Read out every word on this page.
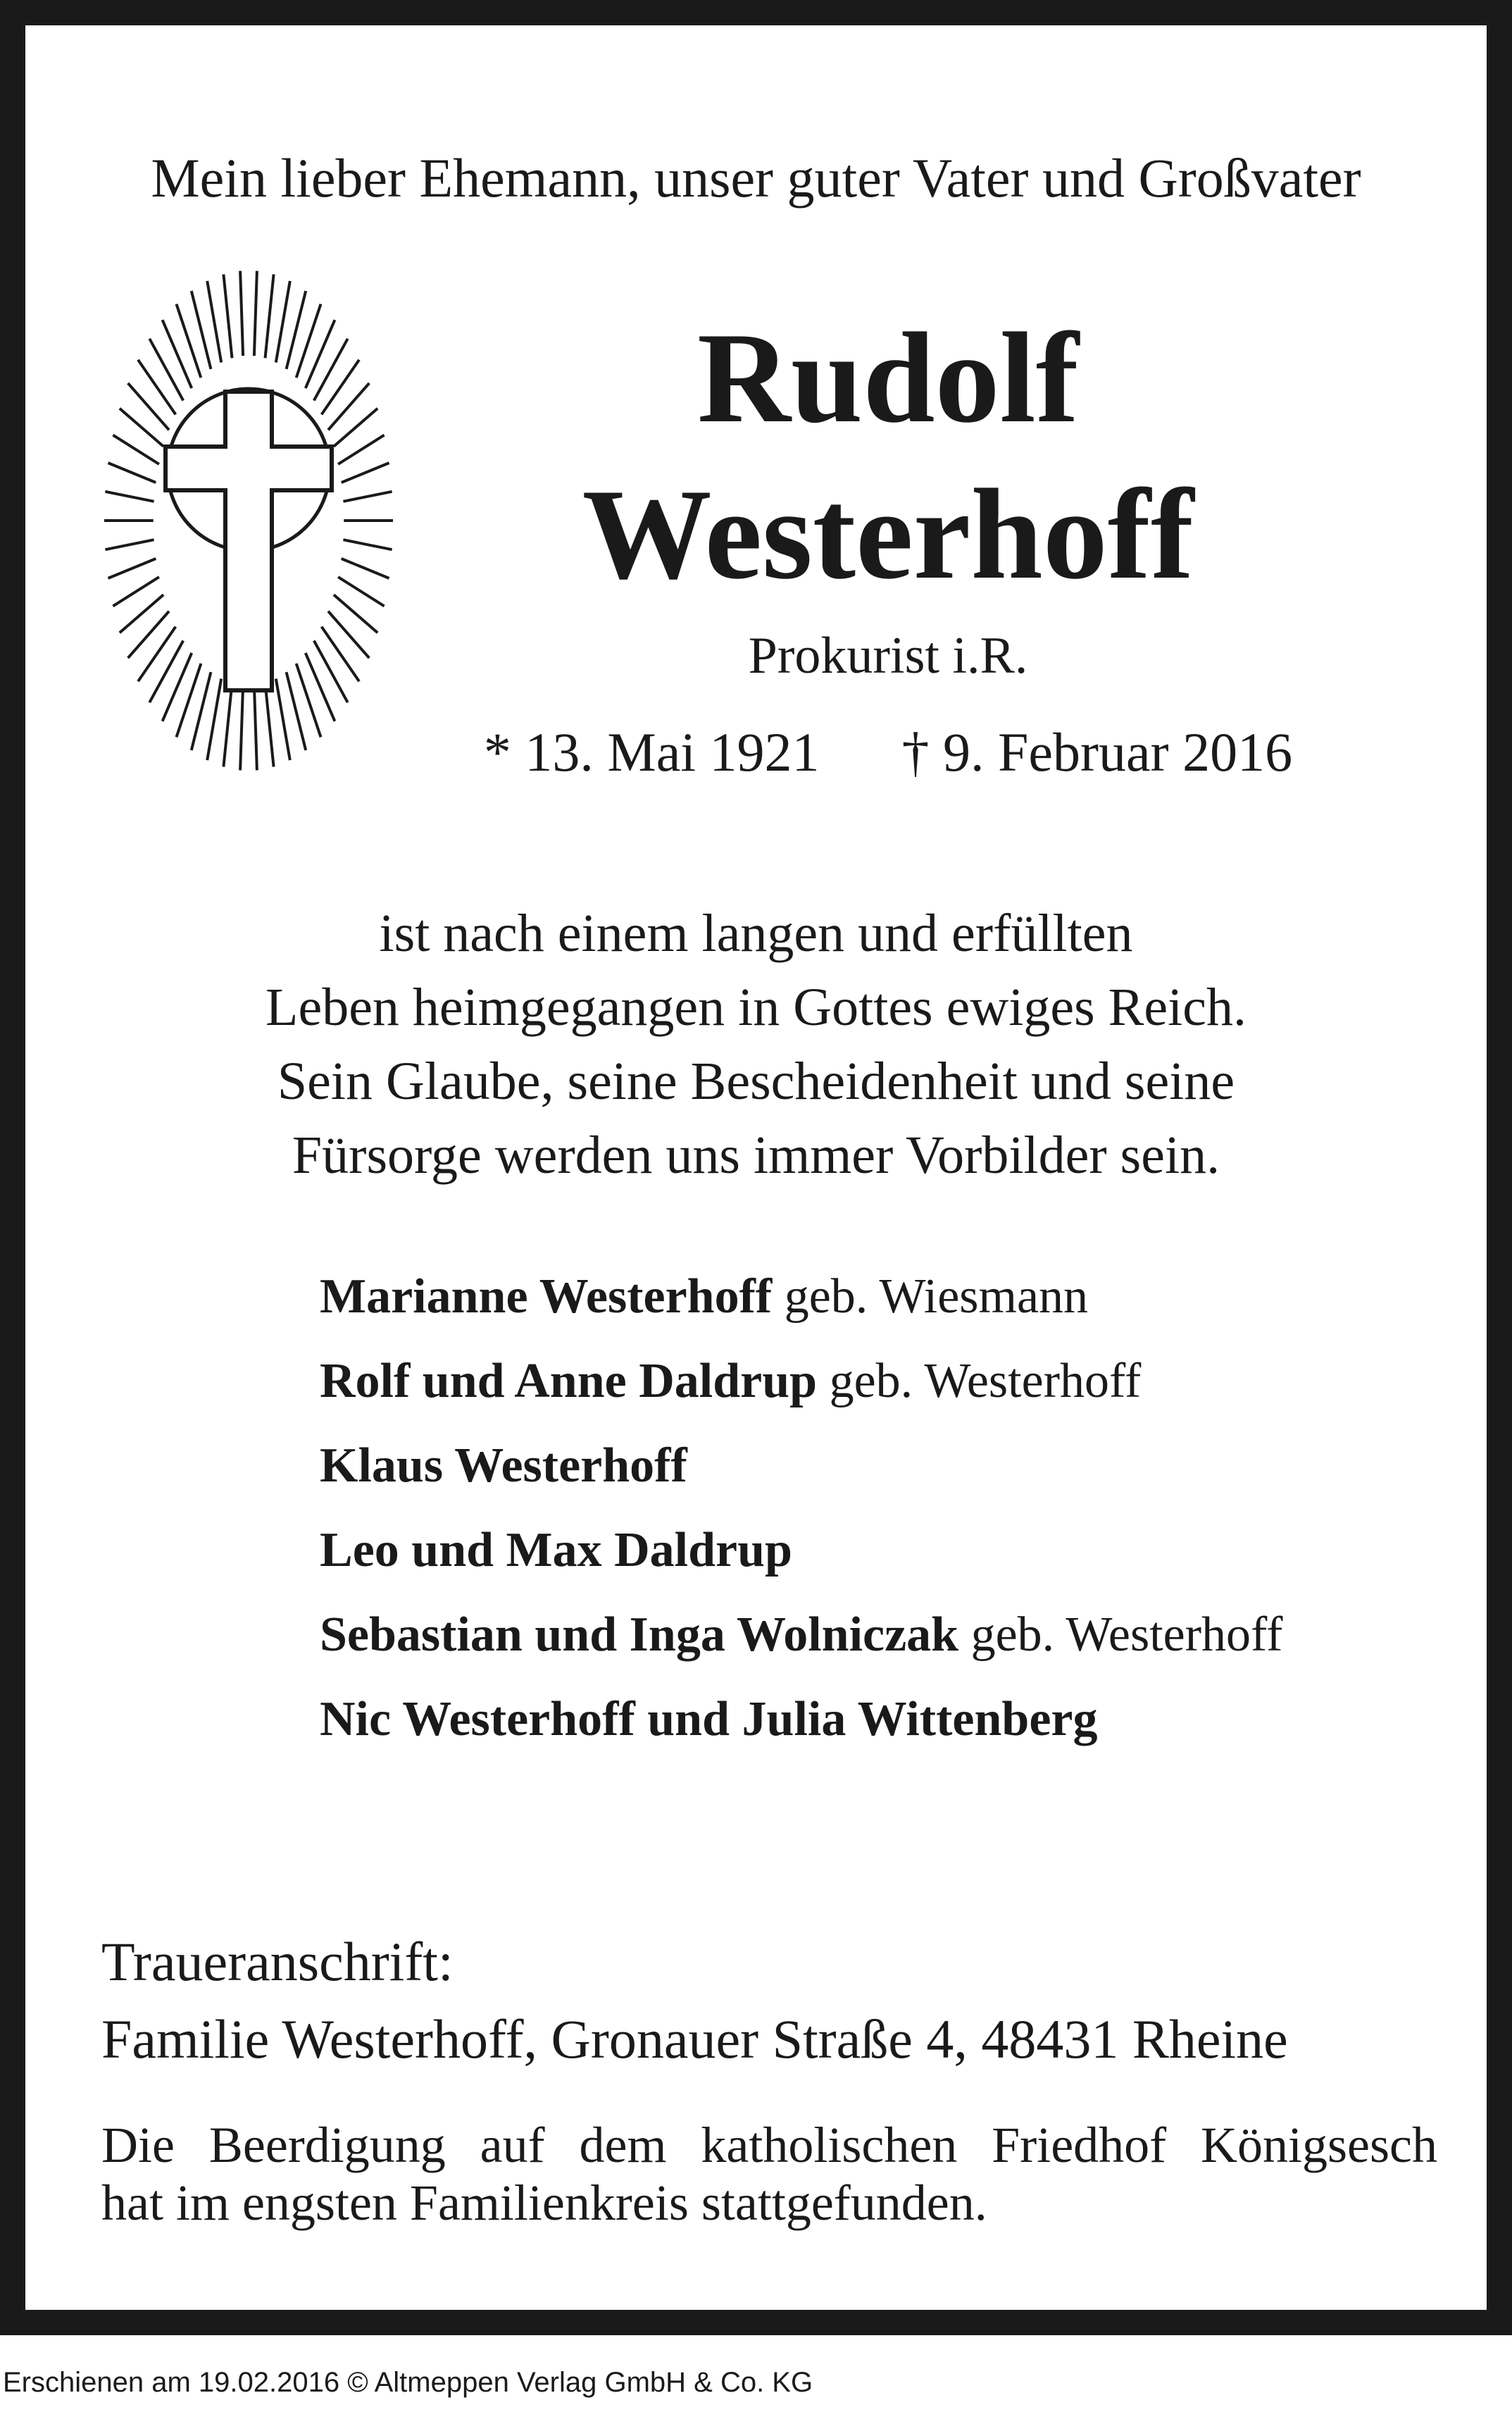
Mein lieber Ehemann, unser guter Vater und Großvater
Rudolf
Westerhoff
Prokurist i.R.
* 13. Mai 1921 † 9. Februar 2016
ist nach einem langen und erfüllten
Leben heimgegangen in Gottes ewiges Reich.
Sein Glaube, seine Bescheidenheit und seine
Fürsorge werden uns immer Vorbilder sein.
Marianne Westerhoff geb. Wiesmann
Rolf und Anne Daldrup geb. Westerhoff
Klaus Westerhoff
Leo und Max Daldrup
Sebastian und Inga Wolniczak geb. Westerhoff
Nic Westerhoff und Julia Wittenberg
Traueranschrift:
Familie Westerhoff, Gronauer Straße 4, 48431 Rheine
Die Beerdigung auf dem katholischen Friedhof Königsesch
hat im engsten Familienkreis stattgefunden.
Erschienen am 19.02.2016 © Altmeppen Verlag GmbH & Co. KG
